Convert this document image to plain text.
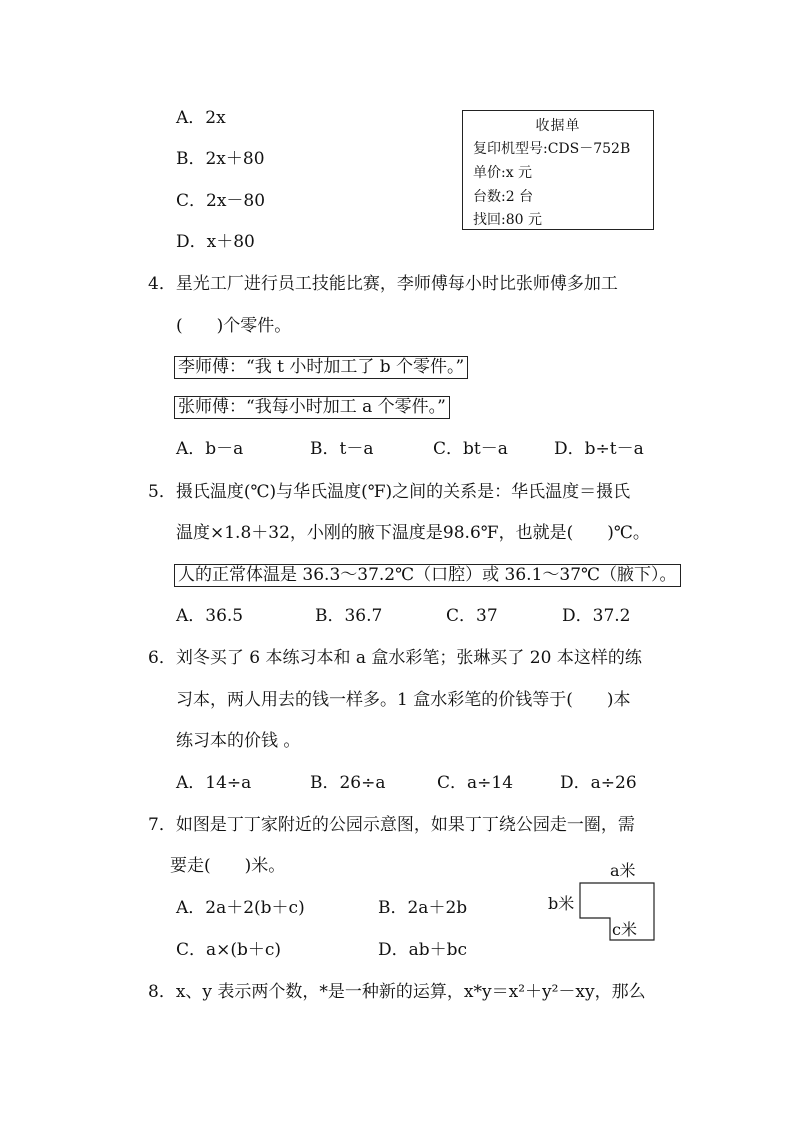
A．2x
B．2x＋80
C．2x－80
D．x＋80
收据单
复印机型号:CDS－752B
单价:x 元
台数:2 台
找回:80 元
4．星光工厂进行员工技能比赛，李师傅每小时比张师傅多加工
(　　)个零件。
李师傅：“我 t 小时加工了 b 个零件。”
张师傅：“我每小时加工 a 个零件。”
A．b－a	B．t－a	C．bt－a	D．b÷t－a
5．摄氏温度(℃)与华氏温度(℉)之间的关系是：华氏温度＝摄氏
温度×1.8＋32，小刚的腋下温度是98.6℉，也就是(　　)℃。
人的正常体温是 36.3～37.2℃（口腔）或 36.1～37℃（腋下）。
A．36.5	B．36.7	C．37	D．37.2
6．刘冬买了 6 本练习本和 a 盒水彩笔；张琳买了 20 本这样的练
习本，两人用去的钱一样多。1 盒水彩笔的价钱等于(　　)本
练习本的价钱 。
A．14÷a	B．26÷a	C．a÷14	D．a÷26
7．如图是丁丁家附近的公园示意图，如果丁丁绕公园走一圈，需
要走(　　)米。
A．2a＋2(b＋c)	B．2a＋2b
C．a×(b＋c)	D．ab＋bc
a米
b米
c米
8．x、y 表示两个数，*是一种新的运算，x*y＝x²＋y²－xy，那么
